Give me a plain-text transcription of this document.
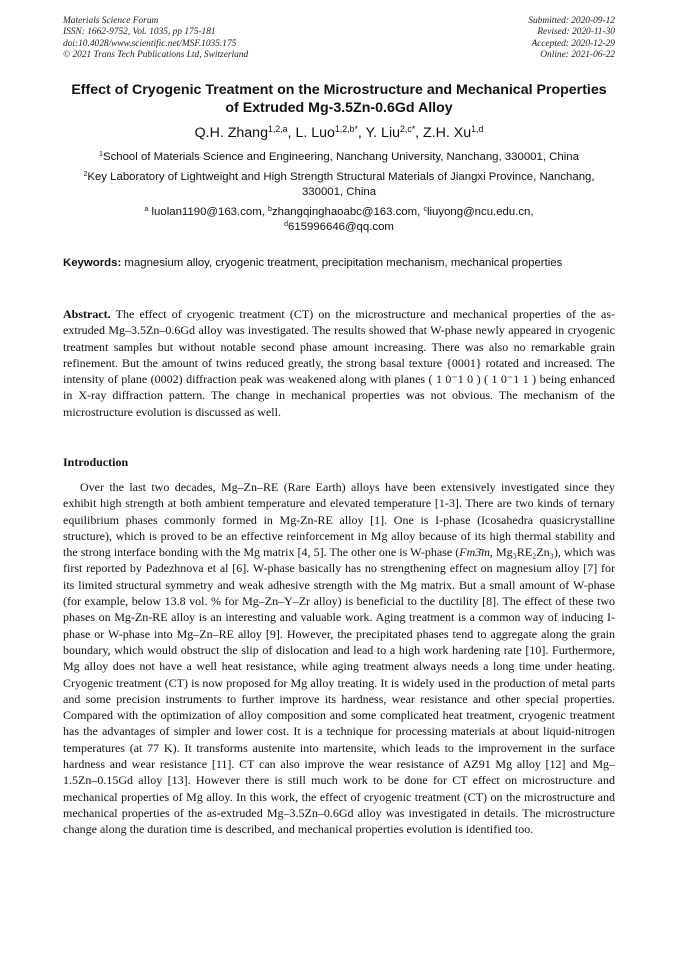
Materials Science Forum
ISSN: 1662-9752, Vol. 1035, pp 175-181
doi:10.4028/www.scientific.net/MSF.1035.175
© 2021 Trans Tech Publications Ltd, Switzerland
Submitted: 2020-09-12
Revised: 2020-11-30
Accepted: 2020-12-29
Online: 2021-06-22
Effect of Cryogenic Treatment on the Microstructure and Mechanical Properties of Extruded Mg-3.5Zn-0.6Gd Alloy
Q.H. Zhang$^{1,2,a}$, L. Luo$^{1,2,b*}$, Y. Liu$^{2,c*}$, Z.H. Xu$^{1,d}$
$^1$School of Materials Science and Engineering, Nanchang University, Nanchang, 330001, China
$^2$Key Laboratory of Lightweight and High Strength Structural Materials of Jiangxi Province, Nanchang, 330001, China
$^a$ luolan1190@163.com, $^b$zhangqinghaoabc@163.com, $^c$liuyong@ncu.edu.cn,
$^d$615996646@qq.com
Keywords: magnesium alloy, cryogenic treatment, precipitation mechanism, mechanical properties
Abstract. The effect of cryogenic treatment (CT) on the microstructure and mechanical properties of the as-extruded Mg–3.5Zn–0.6Gd alloy was investigated. The results showed that W-phase newly appeared in cryogenic treatment samples but without notable second phase amount increasing. There was also no remarkable grain refinement. But the amount of twins reduced greatly, the strong basal texture {0001} rotated and increased. The intensity of plane (0002) diffraction peak was weakened along with planes ( 1 0⁻1 0 ) ( 1 0⁻1 1 ) being enhanced in X-ray diffraction pattern. The change in mechanical properties was not obvious. The mechanism of the microstructure evolution is discussed as well.
Introduction
Over the last two decades, Mg–Zn–RE (Rare Earth) alloys have been extensively investigated since they exhibit high strength at both ambient temperature and elevated temperature [1-3]. There are two kinds of ternary equilibrium phases commonly formed in Mg-Zn-RE alloy [1]. One is I-phase (Icosahedra quasicrystalline structure), which is proved to be an effective reinforcement in Mg alloy because of its high thermal stability and the strong interface bonding with the Mg matrix [4, 5]. The other one is W-phase (Fm3̄m, Mg₃RE₂Zn₃), which was first reported by Padezhnova et al [6]. W-phase basically has no strengthening effect on magnesium alloy [7] for its limited structural symmetry and weak adhesive strength with the Mg matrix. But a small amount of W-phase (for example, below 13.8 vol. % for Mg–Zn–Y–Zr alloy) is beneficial to the ductility [8]. The effect of these two phases on Mg-Zn-RE alloy is an interesting and valuable work. Aging treatment is a common way of inducing I-phase or W-phase into Mg–Zn–RE alloy [9]. However, the precipitated phases tend to aggregate along the grain boundary, which would obstruct the slip of dislocation and lead to a high work hardening rate [10]. Furthermore, Mg alloy does not have a well heat resistance, while aging treatment always needs a long time under heating. Cryogenic treatment (CT) is now proposed for Mg alloy treating. It is widely used in the production of metal parts and some precision instruments to further improve its hardness, wear resistance and other special properties. Compared with the optimization of alloy composition and some complicated heat treatment, cryogenic treatment has the advantages of simpler and lower cost. It is a technique for processing materials at about liquid-nitrogen temperatures (at 77 K). It transforms austenite into martensite, which leads to the improvement in the surface hardness and wear resistance [11]. CT can also improve the wear resistance of AZ91 Mg alloy [12] and Mg–1.5Zn–0.15Gd alloy [13]. However there is still much work to be done for CT effect on microstructure and mechanical properties of Mg alloy. In this work, the effect of cryogenic treatment (CT) on the microstructure and mechanical properties of the as-extruded Mg–3.5Zn–0.6Gd alloy was investigated in details. The microstructure change along the duration time is described, and mechanical properties evolution is identified too.
